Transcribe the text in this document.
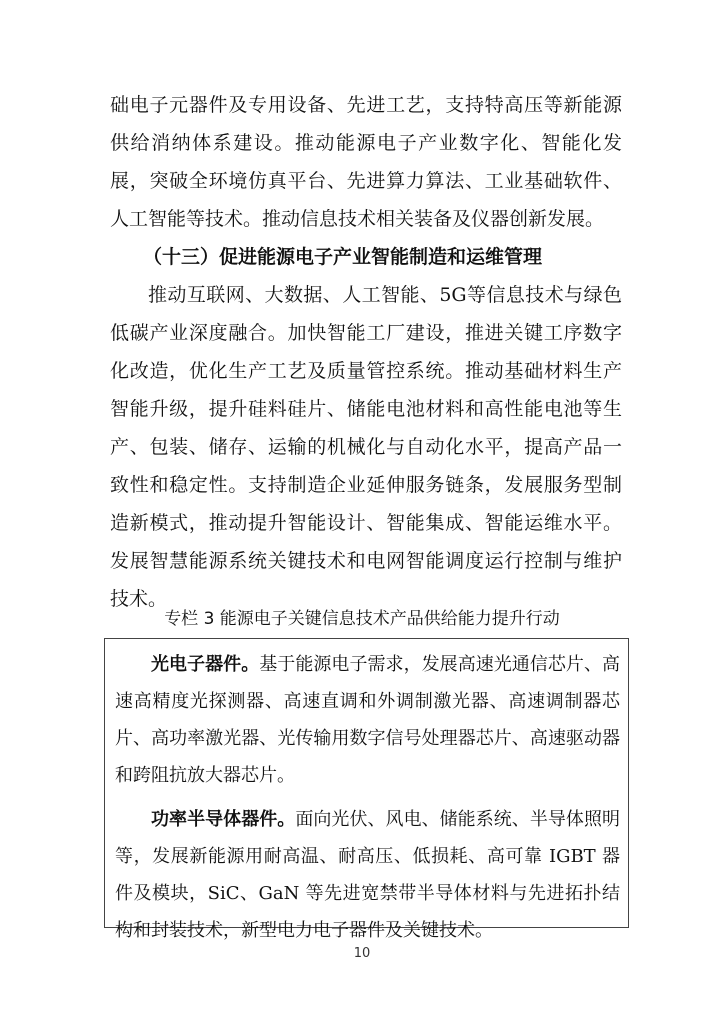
础电子元器件及专用设备、先进工艺，支持特高压等新能源供给消纳体系建设。推动能源电子产业数字化、智能化发展，突破全环境仿真平台、先进算力算法、工业基础软件、人工智能等技术。推动信息技术相关装备及仪器创新发展。

（十三）促进能源电子产业智能制造和运维管理

推动互联网、大数据、人工智能、5G等信息技术与绿色低碳产业深度融合。加快智能工厂建设，推进关键工序数字化改造，优化生产工艺及质量管控系统。推动基础材料生产智能升级，提升硅料硅片、储能电池材料和高性能电池等生产、包装、储存、运输的机械化与自动化水平，提高产品一致性和稳定性。支持制造企业延伸服务链条，发展服务型制造新模式，推动提升智能设计、智能集成、智能运维水平。发展智慧能源系统关键技术和电网智能调度运行控制与维护技术。

专栏 3 能源电子关键信息技术产品供给能力提升行动

光电子器件。基于能源电子需求，发展高速光通信芯片、高速高精度光探测器、高速直调和外调制激光器、高速调制器芯片、高功率激光器、光传输用数字信号处理器芯片、高速驱动器和跨阻抗放大器芯片。

功率半导体器件。面向光伏、风电、储能系统、半导体照明等，发展新能源用耐高温、耐高压、低损耗、高可靠 IGBT 器件及模块，SiC、GaN 等先进宽禁带半导体材料与先进拓扑结构和封装技术，新型电力电子器件及关键技术。

10
